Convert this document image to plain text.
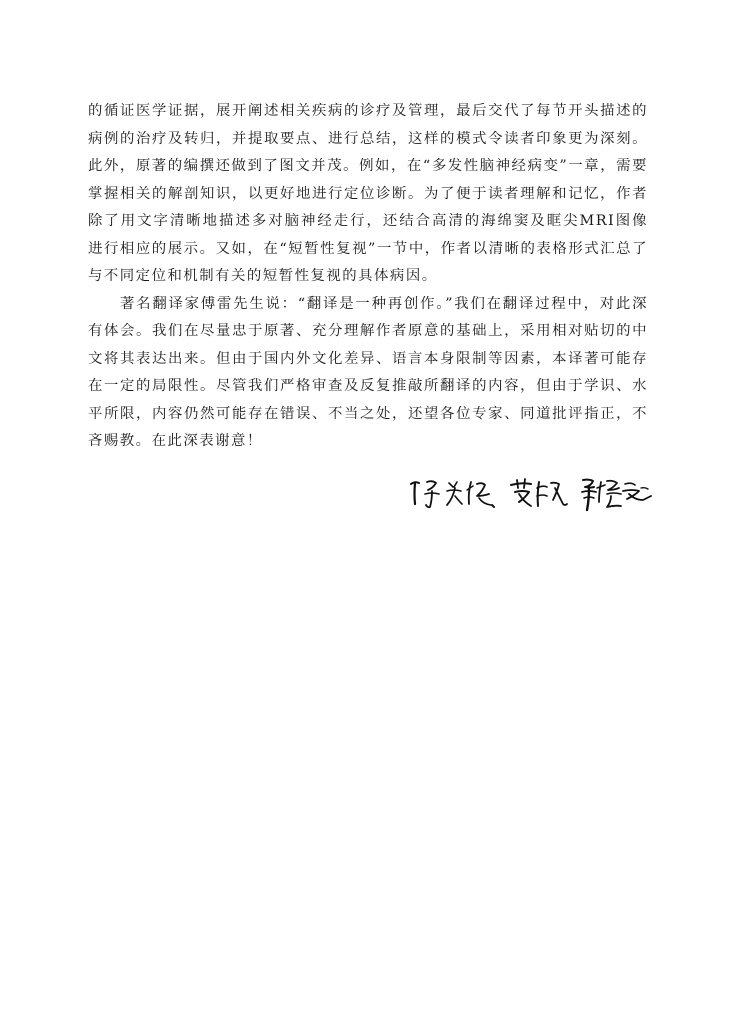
的循证医学证据，展开阐述相关疾病的诊疗及管理，最后交代了每节开头描述的病例的治疗及转归，并提取要点、进行总结，这样的模式令读者印象更为深刻。此外，原著的编撰还做到了图文并茂。例如，在“多发性脑神经病变”一章，需要掌握相关的解剖知识，以更好地进行定位诊断。为了便于读者理解和记忆，作者除了用文字清晰地描述多对脑神经走行，还结合高清的海绵窦及眶尖MRI图像进行相应的展示。又如，在“短暂性复视”一节中，作者以清晰的表格形式汇总了与不同定位和机制有关的短暂性复视的具体病因。

著名翻译家傅雷先生说：“翻译是一种再创作。”我们在翻译过程中，对此深有体会。我们在尽量忠于原著、充分理解作者原意的基础上，采用相对贴切的中文将其表达出来。但由于国内外文化差异、语言本身限制等因素，本译著可能存在一定的局限性。尽管我们严格审查及反复推敲所翻译的内容，但由于学识、水平所限，内容仍然可能存在错误、不当之处，还望各位专家、同道批评指正，不吝赐教。在此深表谢意！
